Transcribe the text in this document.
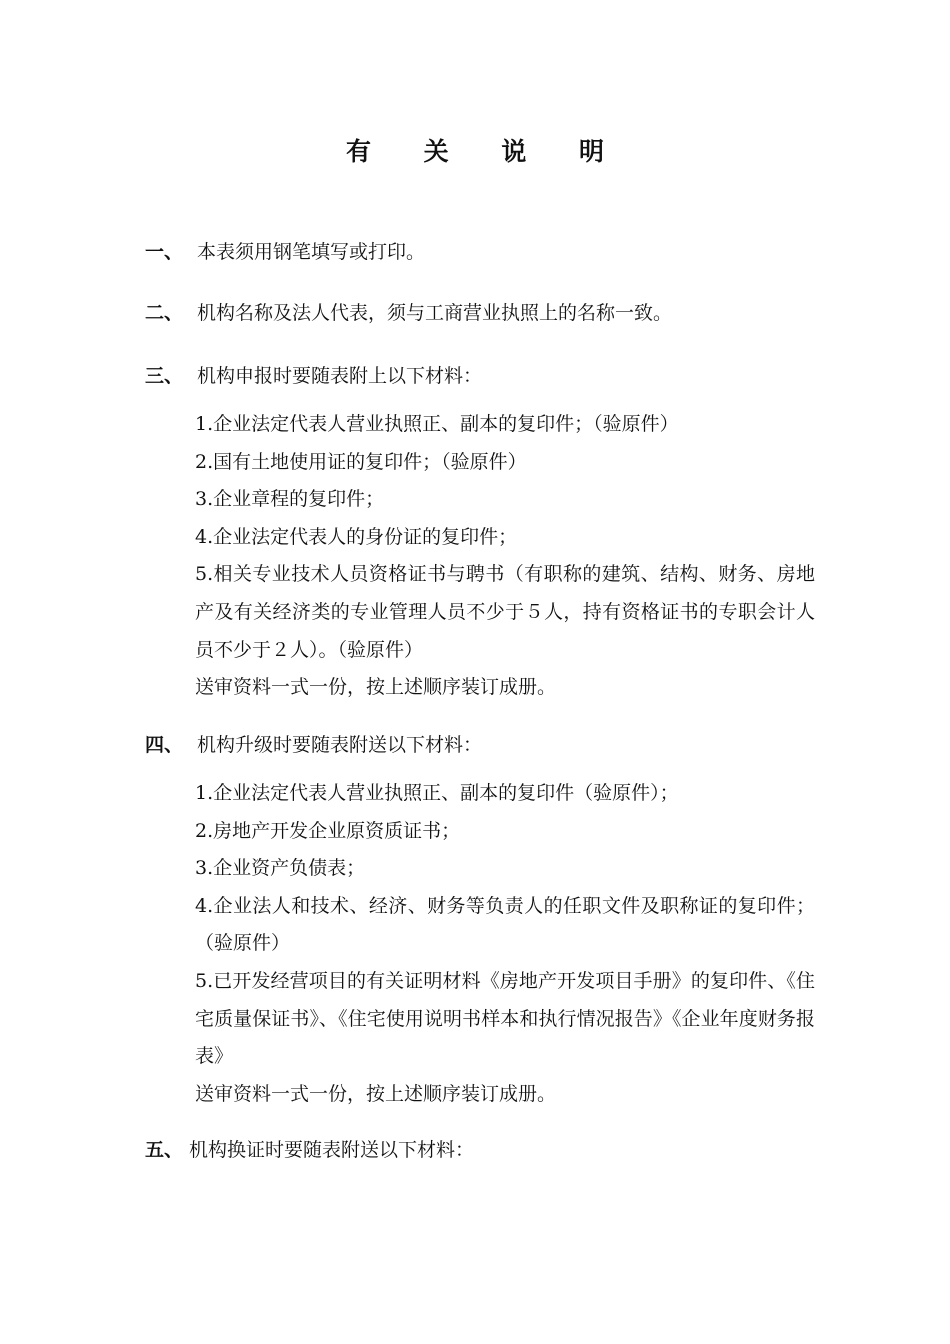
有 关 说 明
一、 本表须用钢笔填写或打印。
二、 机构名称及法人代表，须与工商营业执照上的名称一致。
三、 机构申报时要随表附上以下材料：

1.企业法定代表人营业执照正、副本的复印件；（验原件）

2.国有土地使用证的复印件；（验原件）

3.企业章程的复印件；

4.企业法定代表人的身份证的复印件；

5.相关专业技术人员资格证书与聘书（有职称的建筑、结构、财务、房地产及有关经济类的专业管理人员不少于５人，持有资格证书的专职会计人员不少于２人）。（验原件）

送审资料一式一份，按上述顺序装订成册。

四、 机构升级时要随表附送以下材料：

1.企业法定代表人营业执照正、副本的复印件（验原件）；

2.房地产开发企业原资质证书；

3.企业资产负债表；

4.企业法人和技术、经济、财务等负责人的任职文件及职称证的复印件；（验原件）

5.已开发经营项目的有关证明材料《房地产开发项目手册》的复印件、《住宅质量保证书》、《住宅使用说明书样本和执行情况报告》《企业年度财务报表》

送审资料一式一份，按上述顺序装订成册。

五、 机构换证时要随表附送以下材料：
